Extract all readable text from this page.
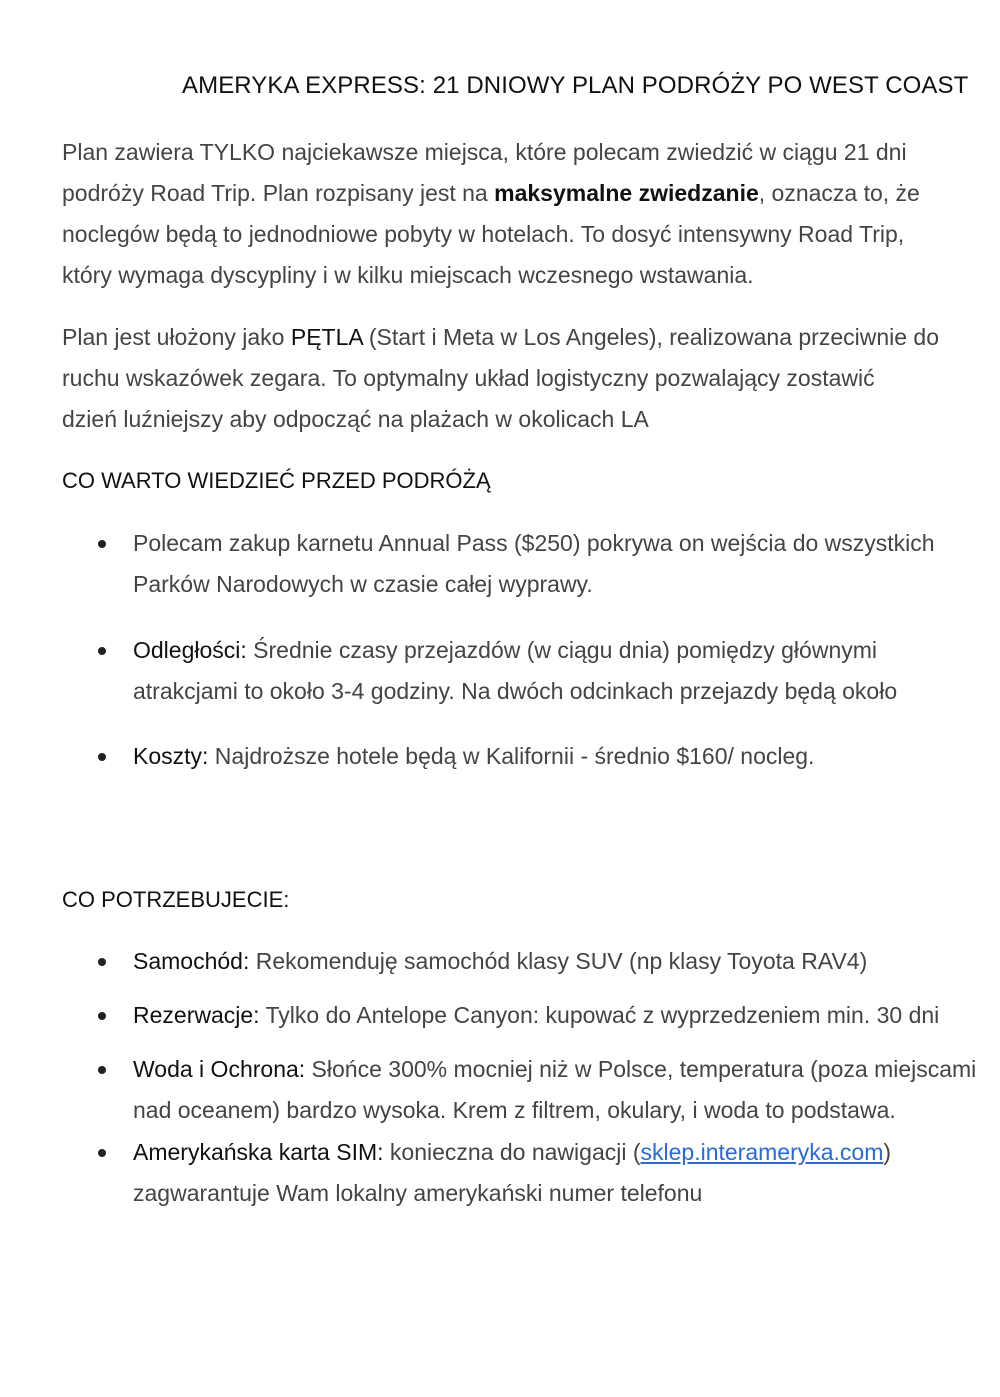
AMERYKA EXPRESS: 21 DNIOWY PLAN PODRÓŻY PO WEST COAST
Plan zawiera TYLKO najciekawsze miejsca, które polecam zwiedzić w ciągu 21 dni
podróży Road Trip. Plan rozpisany jest na maksymalne zwiedzanie, oznacza to, że
noclegów będą to jednodniowe pobyty w hotelach. To dosyć intensywny Road Trip,
który wymaga dyscypliny i w kilku miejscach wczesnego wstawania.
Plan jest ułożony jako PĘTLA (Start i Meta w Los Angeles), realizowana przeciwnie do
ruchu wskazówek zegara. To optymalny układ logistyczny pozwalający zostawić
dzień luźniejszy aby odpocząć na plażach w okolicach LA
CO WARTO WIEDZIEĆ PRZED PODRÓŻĄ
Polecam zakup karnetu Annual Pass ($250) pokrywa on wejścia do wszystkich
Parków Narodowych w czasie całej wyprawy.
Odległości: Średnie czasy przejazdów (w ciągu dnia) pomiędzy głównymi
atrakcjami to około 3-4 godziny. Na dwóch odcinkach przejazdy będą około
Koszty: Najdroższe hotele będą w Kalifornii - średnio $160/ nocleg.
CO POTRZEBUJECIE:
Samochód: Rekomenduję samochód klasy SUV (np klasy Toyota RAV4)
Rezerwacje: Tylko do Antelope Canyon: kupować z wyprzedzeniem min. 30 dni
Woda i Ochrona: Słońce 300% mocniej niż w Polsce, temperatura (poza miejscami
nad oceanem) bardzo wysoka. Krem z filtrem, okulary, i woda to podstawa.
Amerykańska karta SIM: konieczna do nawigacji (sklep.interameryka.com)
zagwarantuje Wam lokalny amerykański numer telefonu
